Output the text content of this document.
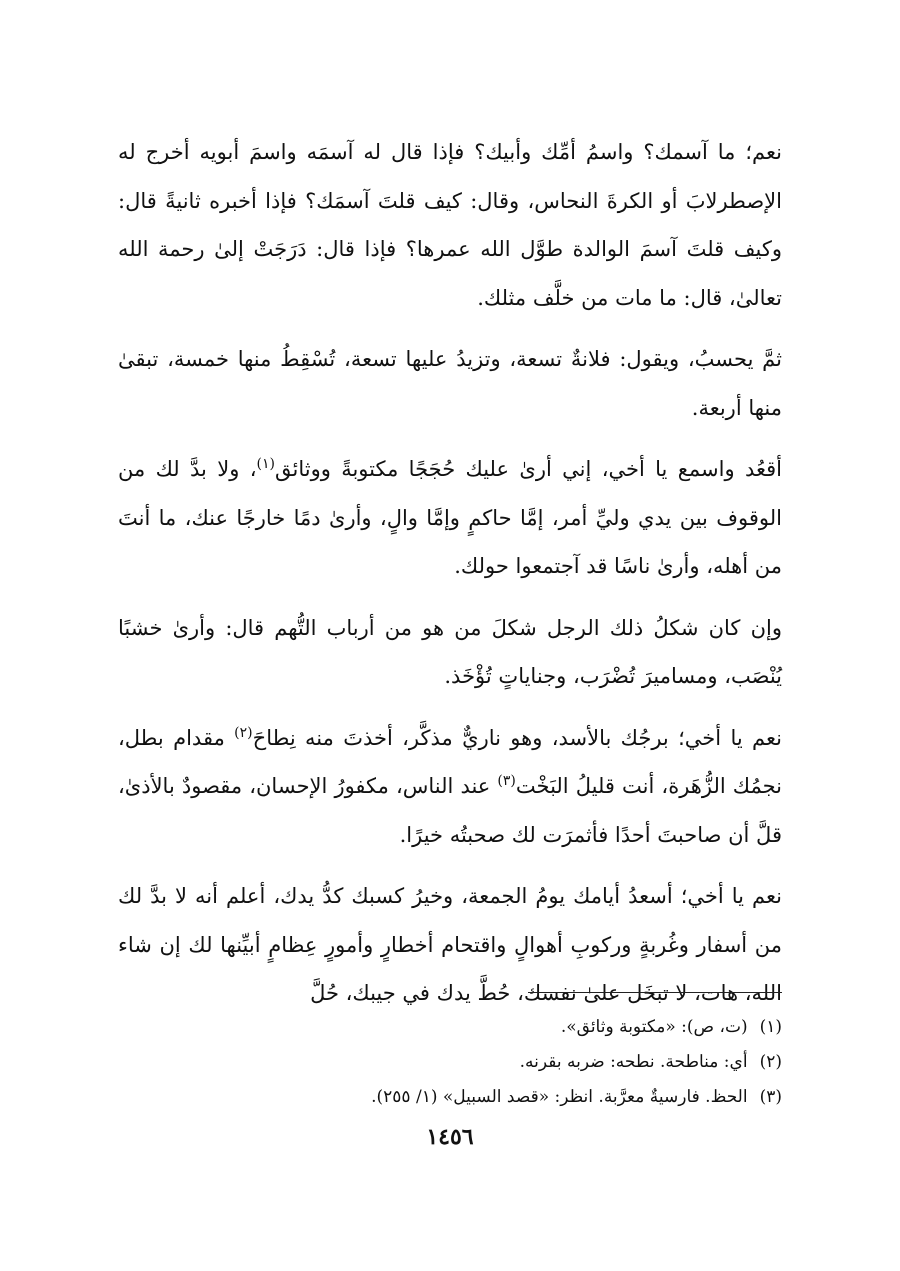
نعم؛ ما آسمك؟ واسمُ أمِّك وأبيك؟ فإذا قال له آسمَه واسمَ أبويه أخرج له الإصطرلابَ أو الكرةَ النحاس، وقال: كيف قلتَ آسمَك؟ فإذا أخبره ثانيةً قال: وكيف قلتَ آسمَ الوالدة طوَّل الله عمرها؟ فإذا قال: دَرَجَتْ إلىٰ رحمة الله تعالىٰ، قال: ما مات من خلَّف مثلك.

ثمَّ يحسبُ، ويقول: فلانةٌ تسعة، وتزيدُ عليها تسعة، تُسْقِطُ منها خمسة، تبقىٰ منها أربعة.

أقعُد واسمع يا أخي، إني أرىٰ عليك حُجَجًا مكتوبةً ووثائق$^{(١)}$، ولا بدَّ لك من الوقوف بين يدي وليِّ أمر، إمَّا حاكمٍ وإمَّا والٍ، وأرىٰ دمًا خارجًا عنك، ما أنتَ من أهله، وأرىٰ ناسًا قد آجتمعوا حولك.

وإن كان شكلُ ذلك الرجل شكلَ من هو من أرباب التُّهم قال: وأرىٰ خشبًا يُنْصَب، ومساميرَ تُضْرَب، وجناياتٍ تُؤْخَذ.

نعم يا أخي؛ برجُك بالأسد، وهو ناريٌّ مذكَّر، أخذتَ منه نِطاحَ$^{(٢)}$ مقدام بطل، نجمُك الزُّهَرة، أنت قليلُ البَخْت$^{(٣)}$ عند الناس، مكفورُ الإحسان، مقصودٌ بالأذىٰ، قلَّ أن صاحبتَ أحدًا فأثمرَت لك صحبتُه خيرًا.

نعم يا أخي؛ أسعدُ أيامك يومُ الجمعة، وخيرُ كسبك كدُّ يدك، أعلم أنه لا بدَّ لك من أسفار وغُربةٍ وركوبِ أهوالٍ واقتحام أخطارٍ وأمورٍ عِظامٍ أبيِّنها لك إن شاء الله، هات، لا تبخَل علىٰ نفسك، حُطَّ يدك في جيبك، حُلَّ

(١)(ت، ص): «مكتوبة وثائق».

(٢)أي: مناطحة. نطحه: ضربه بقرنه.

(٣)الحظ. فارسيةٌ معرَّبة. انظر: «قصد السبيل» (١/ ٢٥٥).

١٤٥٦
